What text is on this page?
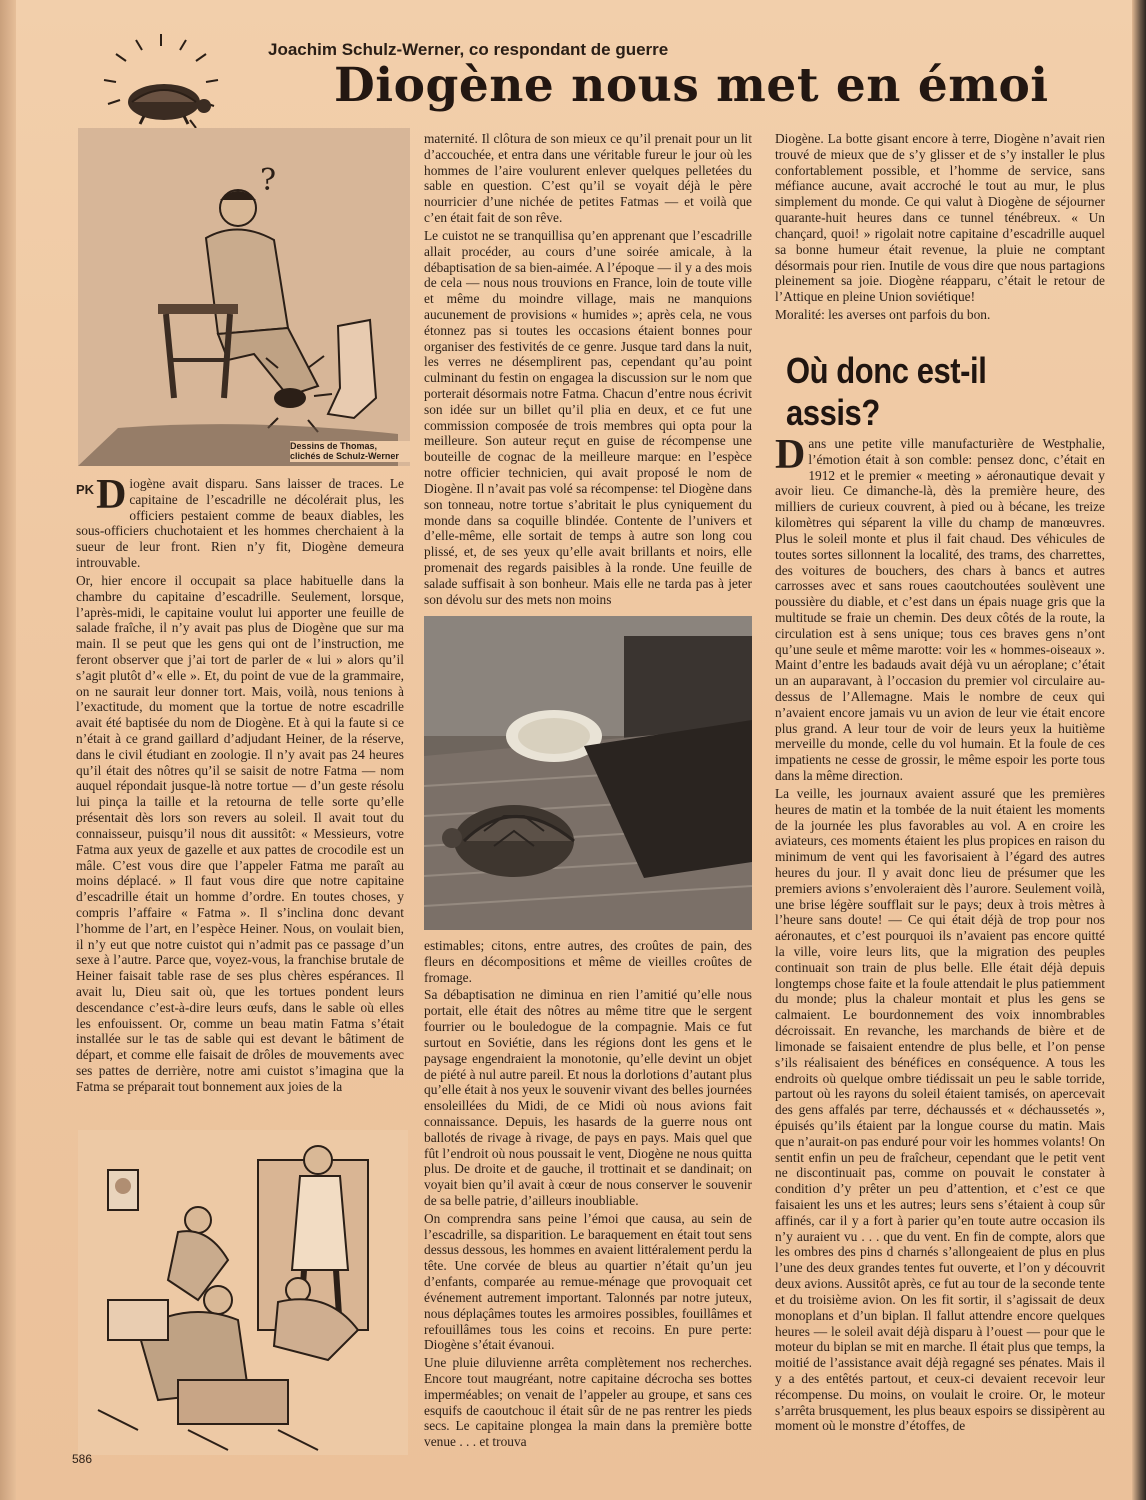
Joachim Schulz-Werner, co respondant de guerre
Diogène nous met en émoi
?
Dessins de Thomas, clichés de Schulz-Werner

PK D iogène avait disparu. Sans laisser de traces. Le capitaine de l’escadrille ne décolérait plus, les officiers pestaient comme de beaux diables, les sous-officiers chuchotaient et les hommes cherchaient à la sueur de leur front. Rien n’y fit, Diogène demeura introuvable.

Or, hier encore il occupait sa place habituelle dans la chambre du capitaine d’escadrille. Seulement, lorsque, l’après-midi, le capitaine voulut lui apporter une feuille de salade fraîche, il n’y avait pas plus de Diogène que sur ma main. Il se peut que les gens qui ont de l’instruction, me feront observer que j’ai tort de parler de « lui » alors qu’il s’agit plutôt d’« elle ». Et, du point de vue de la grammaire, on ne saurait leur donner tort. Mais, voilà, nous tenions à l’exactitude, du moment que la tortue de notre escadrille avait été baptisée du nom de Diogène. Et à qui la faute si ce n’était à ce grand gaillard d’adjudant Heiner, de la réserve, dans le civil étudiant en zoologie. Il n’y avait pas 24 heures qu’il était des nôtres qu’il se saisit de notre Fatma — nom auquel répondait jusque-là notre tortue — d’un geste résolu lui pinça la taille et la retourna de telle sorte qu’elle présentait dès lors son revers au soleil. Il avait tout du connaisseur, puisqu’il nous dit aussitôt: « Messieurs, votre Fatma aux yeux de gazelle et aux pattes de crocodile est un mâle. C’est vous dire que l’appeler Fatma me paraît au moins déplacé. » Il faut vous dire que notre capitaine d’escadrille était un homme d’ordre. En toutes choses, y compris l’affaire « Fatma ». Il s’inclina donc devant l’homme de l’art, en l’espèce Heiner. Nous, on voulait bien, il n’y eut que notre cuistot qui n’admit pas ce passage d’un sexe à l’autre. Parce que, voyez-vous, la franchise brutale de Heiner faisait table rase de ses plus chères espérances. Il avait lu, Dieu sait où, que les tortues pondent leurs descendance c’est-à-dire leurs œufs, dans le sable où elles les enfouissent. Or, comme un beau matin Fatma s’était installée sur le tas de sable qui est devant le bâtiment de départ, et comme elle faisait de drôles de mouvements avec ses pattes de derrière, notre ami cuistot s’imagina que la Fatma se préparait tout bonnement aux joies de la

maternité. Il clôtura de son mieux ce qu’il prenait pour un lit d’accouchée, et entra dans une véritable fureur le jour où les hommes de l’aire voulurent enlever quelques pelletées du sable en question. C’est qu’il se voyait déjà le père nourricier d’une nichée de petites Fatmas — et voilà que c’en était fait de son rêve.

Le cuistot ne se tranquillisa qu’en apprenant que l’escadrille allait procéder, au cours d’une soirée amicale, à la débaptisation de sa bien-aimée. A l’époque — il y a des mois de cela — nous nous trouvions en France, loin de toute ville et même du moindre village, mais ne manquions aucunement de provisions « humides »; après cela, ne vous étonnez pas si toutes les occasions étaient bonnes pour organiser des festivités de ce genre. Jusque tard dans la nuit, les verres ne désemplirent pas, cependant qu’au point culminant du festin on engagea la discussion sur le nom que porterait désormais notre Fatma. Chacun d’entre nous écrivit son idée sur un billet qu’il plia en deux, et ce fut une commission composée de trois membres qui opta pour la meilleure. Son auteur reçut en guise de récompense une bouteille de cognac de la meilleure marque: en l’espèce notre officier technicien, qui avait proposé le nom de Diogène. Il n’avait pas volé sa récompense: tel Diogène dans son tonneau, notre tortue s’abritait le plus cyniquement du monde dans sa coquille blindée. Contente de l’univers et d’elle-même, elle sortait de temps à autre son long cou plissé, et, de ses yeux qu’elle avait brillants et noirs, elle promenait des regards paisibles à la ronde. Une feuille de salade suffisait à son bonheur. Mais elle ne tarda pas à jeter son dévolu sur des mets non moins

estimables; citons, entre autres, des croûtes de pain, des fleurs en décompositions et même de vieilles croûtes de fromage.

Sa débaptisation ne diminua en rien l’amitié qu’elle nous portait, elle était des nôtres au même titre que le sergent fourrier ou le bouledogue de la compagnie. Mais ce fut surtout en Soviétie, dans les régions dont les gens et le paysage engendraient la monotonie, qu’elle devint un objet de piété à nul autre pareil. Et nous la dorlotions d’autant plus qu’elle était à nos yeux le souvenir vivant des belles journées ensoleillées du Midi, de ce Midi où nous avions fait connaissance. Depuis, les hasards de la guerre nous ont ballotés de rivage à rivage, de pays en pays. Mais quel que fût l’endroit où nous poussait le vent, Diogène ne nous quitta plus. De droite et de gauche, il trottinait et se dandinait; on voyait bien qu’il avait à cœur de nous conserver le souvenir de sa belle patrie, d’ailleurs inoubliable.

On comprendra sans peine l’émoi que causa, au sein de l’escadrille, sa disparition. Le baraquement en était tout sens dessus dessous, les hommes en avaient littéralement perdu la tête. Une corvée de bleus au quartier n’était qu’un jeu d’enfants, comparée au remue-ménage que provoquait cet événement autrement important. Talonnés par notre juteux, nous déplaçâmes toutes les armoires possibles, fouillâmes et refouillâmes tous les coins et recoins. En pure perte: Diogène s’était évanoui.

Une pluie diluvienne arrêta complètement nos recherches. Encore tout maugréant, notre capitaine décrocha ses bottes imperméables; on venait de l’appeler au groupe, et sans ces esquifs de caoutchouc il était sûr de ne pas rentrer les pieds secs. Le capitaine plongea la main dans la première botte venue . . . et trouva

Diogène. La botte gisant encore à terre, Diogène n’avait rien trouvé de mieux que de s’y glisser et de s’y installer le plus confortablement possible, et l’homme de service, sans méfiance aucune, avait accroché le tout au mur, le plus simplement du monde. Ce qui valut à Diogène de séjourner quarante-huit heures dans ce tunnel ténébreux. « Un chançard, quoi! » rigolait notre capitaine d’escadrille auquel sa bonne humeur était revenue, la pluie ne comptant désormais pour rien. Inutile de vous dire que nous partagions pleinement sa joie. Diogène réapparu, c’était le retour de l’Attique en pleine Union soviétique!

Moralité: les averses ont parfois du bon.

Où donc est-il assis?

Dans une petite ville manufacturière de Westphalie, l’émotion était à son comble: pensez donc, c’était en 1912 et le premier « meeting » aéronautique devait y avoir lieu. Ce dimanche-là, dès la première heure, des milliers de curieux couvrent, à pied ou à bécane, les treize kilomètres qui séparent la ville du champ de manœuvres. Plus le soleil monte et plus il fait chaud. Des véhicules de toutes sortes sillonnent la localité, des trams, des charrettes, des voitures de bouchers, des chars à bancs et autres carrosses avec et sans roues caoutchoutées soulèvent une poussière du diable, et c’est dans un épais nuage gris que la multitude se fraie un chemin. Des deux côtés de la route, la circulation est à sens unique; tous ces braves gens n’ont qu’une seule et même marotte: voir les « hommes-oiseaux ». Maint d’entre les badauds avait déjà vu un aéroplane; c’était un an auparavant, à l’occasion du premier vol circulaire au-dessus de l’Allemagne. Mais le nombre de ceux qui n’avaient encore jamais vu un avion de leur vie était encore plus grand. A leur tour de voir de leurs yeux la huitième merveille du monde, celle du vol humain. Et la foule de ces impatients ne cesse de grossir, le même espoir les porte tous dans la même direction.

La veille, les journaux avaient assuré que les premières heures de matin et la tombée de la nuit étaient les moments de la journée les plus favorables au vol. A en croire les aviateurs, ces moments étaient les plus propices en raison du minimum de vent qui les favorisaient à l’égard des autres heures du jour. Il y avait donc lieu de présumer que les premiers avions s’envoleraient dès l’aurore. Seulement voilà, une brise légère soufflait sur le pays; deux à trois mètres à l’heure sans doute! — Ce qui était déjà de trop pour nos aéronautes, et c’est pourquoi ils n’avaient pas encore quitté la ville, voire leurs lits, que la migration des peuples continuait son train de plus belle. Elle était déjà depuis longtemps chose faite et la foule attendait le plus patiemment du monde; plus la chaleur montait et plus les gens se calmaient. Le bourdonnement des voix innombrables décroissait. En revanche, les marchands de bière et de limonade se faisaient entendre de plus belle, et l’on pense s’ils réalisaient des bénéfices en conséquence. A tous les endroits où quelque ombre tiédissait un peu le sable torride, partout où les rayons du soleil étaient tamisés, on apercevait des gens affalés par terre, déchaussés et « déchaussetés », épuisés qu’ils étaient par la longue course du matin. Mais que n’aurait-on pas enduré pour voir les hommes volants! On sentit enfin un peu de fraîcheur, cependant que le petit vent ne discontinuait pas, comme on pouvait le constater à condition d’y prêter un peu d’attention, et c’est ce que faisaient les uns et les autres; leurs sens s’étaient à coup sûr affinés, car il y a fort à parier qu’en toute autre occasion ils n’y auraient vu . . . que du vent. En fin de compte, alors que les ombres des pins d charnés s’allongeaient de plus en plus l’une des deux grandes tentes fut ouverte, et l’on y découvrit deux avions. Aussitôt après, ce fut au tour de la seconde tente et du troisième avion. On les fit sortir, il s’agissait de deux monoplans et d’un biplan. Il fallut attendre encore quelques heures — le soleil avait déjà disparu à l’ouest — pour que le moteur du biplan se mit en marche. Il était plus que temps, la moitié de l’assistance avait déjà regagné ses pénates. Mais il y a des entêtés partout, et ceux-ci devaient recevoir leur récompense. Du moins, on voulait le croire. Or, le moteur s’arrêta brusquement, les plus beaux espoirs se dissipèrent au moment où le monstre d’étoffes, de

586
